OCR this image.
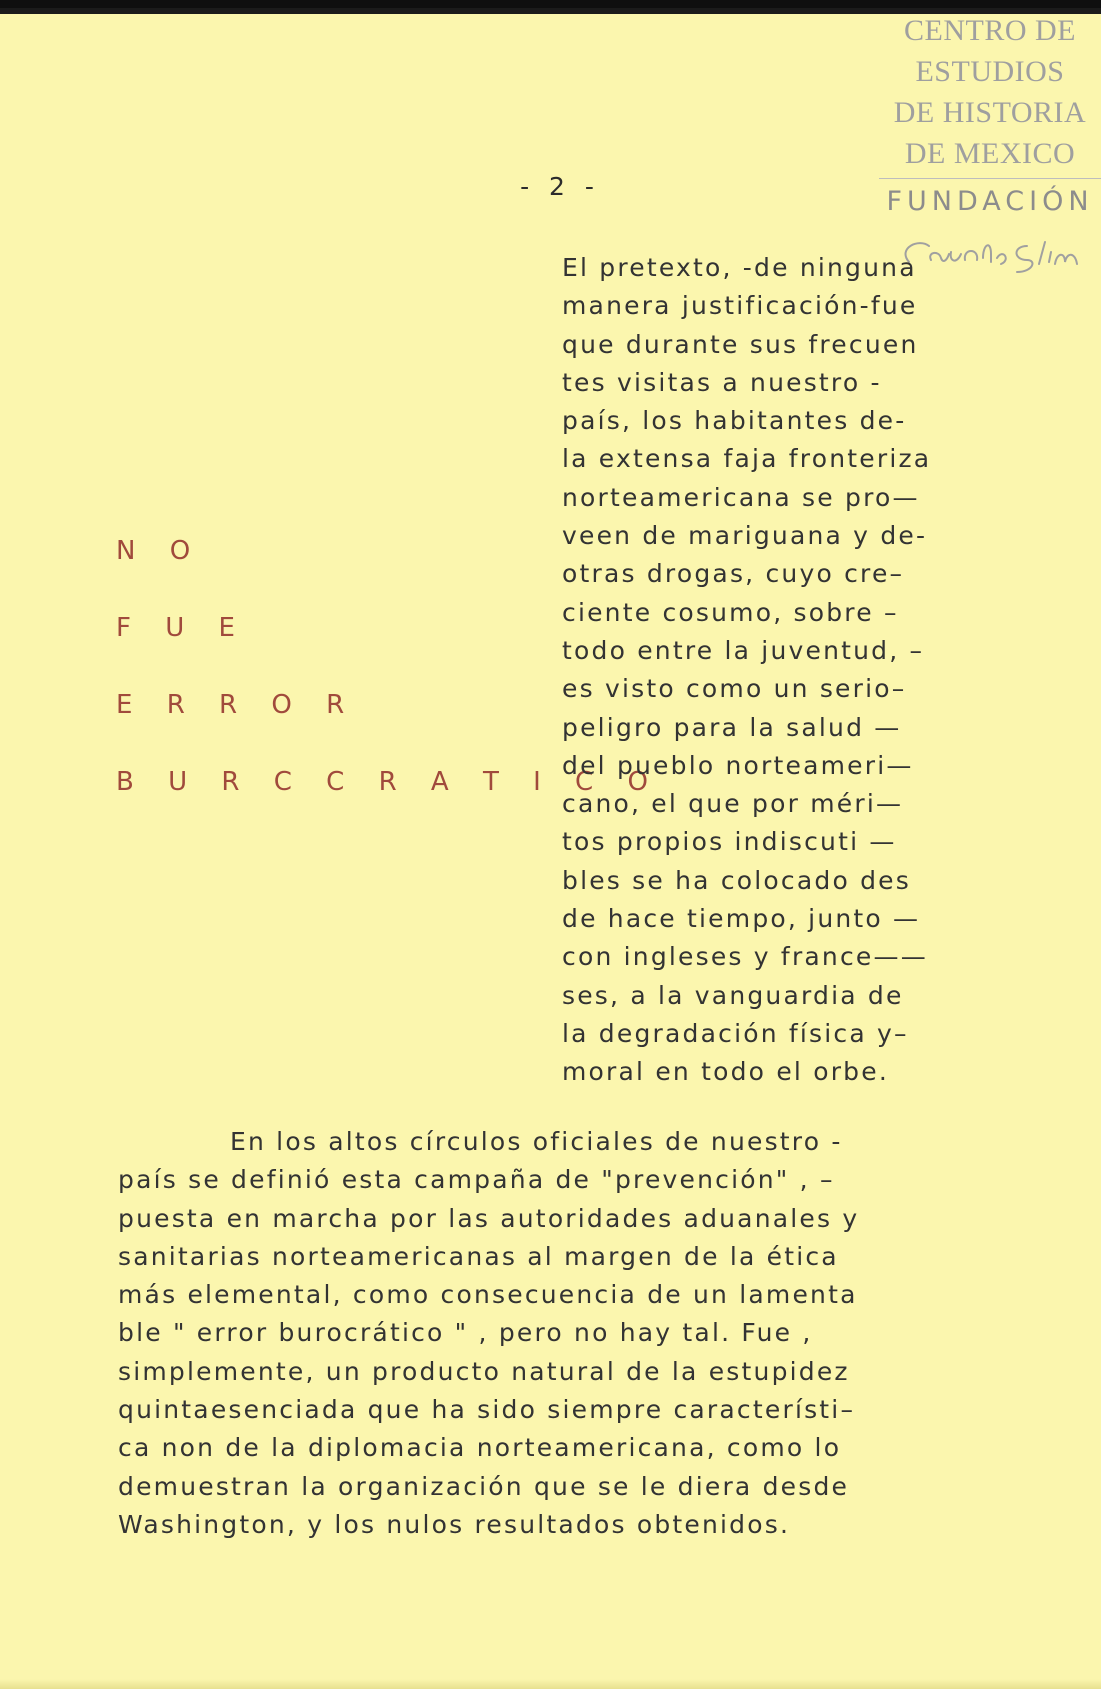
CENTRO DE
ESTUDIOS
DE HISTORIA
DE MEXICO
FUNDACIÓN
- 2 -
N O
F U E
E R R O R
B U R C C R A T I C O
El pretexto, -de ninguna
manera justificación-fue
que durante sus frecuen
tes visitas a nuestro -
país, los habitantes de-
la extensa faja fronteriza
norteamericana se pro—
veen de mariguana y de-
otras drogas, cuyo cre–
ciente cosumo, sobre –
todo entre la juventud, –
es visto como un serio–
peligro para la salud —
del pueblo norteameri—
cano, el que por méri—
tos propios indiscuti —
bles se ha colocado des
de hace tiempo, junto —
con ingleses y france——
ses, a la vanguardia de
la degradación física y–
moral en todo el orbe.
En los altos círculos oficiales de nuestro -
país se definió esta campaña de "prevención" , –
puesta en marcha por las autoridades aduanales y
sanitarias norteamericanas al margen de la ética
más elemental, como consecuencia de un lamenta
ble " error burocrático " , pero no hay tal. Fue ,
simplemente, un producto natural de la estupidez
quintaesenciada que ha sido siempre característi–
ca non de la diplomacia norteamericana, como lo
demuestran la organización que se le diera desde
Washington, y los nulos resultados obtenidos.
